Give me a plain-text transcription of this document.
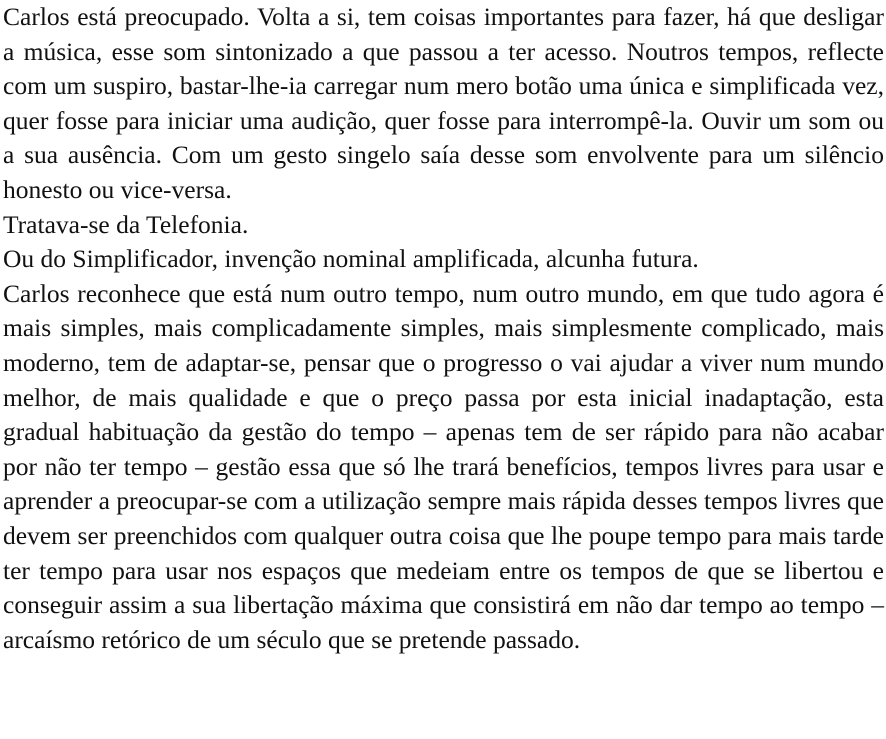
Carlos está preocupado. Volta a si, tem coisas importantes para fazer, há que desligar a música, esse som sintonizado a que passou a ter acesso. Noutros tempos, reflecte com um suspiro, bastar-lhe-ia carregar num mero botão uma única e simplificada vez, quer fosse para iniciar uma audição, quer fosse para interrompê-la. Ouvir um som ou a sua ausência. Com um gesto singelo saía desse som envolvente para um silêncio honesto ou vice-versa.

Tratava-se da Telefonia.

Ou do Simplificador, invenção nominal amplificada, alcunha futura.

Carlos reconhece que está num outro tempo, num outro mundo, em que tudo agora é mais simples, mais complicadamente simples, mais simplesmente complicado, mais moderno, tem de adaptar-se, pensar que o progresso o vai ajudar a viver num mundo melhor, de mais qualidade e que o preço passa por esta inicial inadaptação, esta gradual habituação da gestão do tempo – apenas tem de ser rápido para não acabar por não ter tempo – gestão essa que só lhe trará benefícios, tempos livres para usar e aprender a preocupar-se com a utilização sempre mais rápida desses tempos livres que devem ser preenchidos com qualquer outra coisa que lhe poupe tempo para mais tarde ter tempo para usar nos espaços que medeiam entre os tempos de que se libertou e conseguir assim a sua libertação máxima que consistirá em não dar tempo ao tempo – arcaísmo retórico de um século que se pretende passado.
